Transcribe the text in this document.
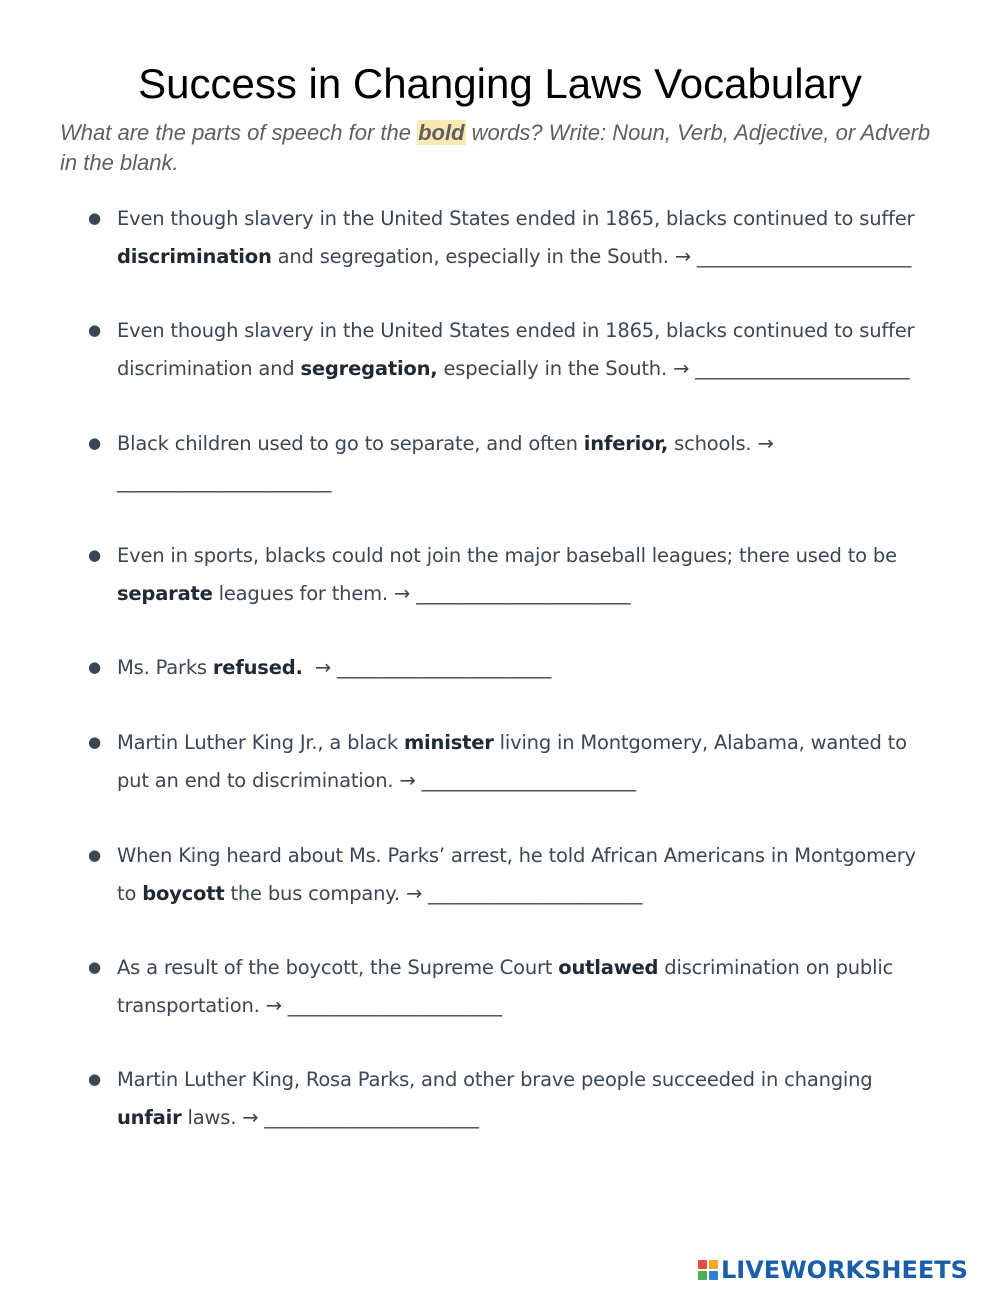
Success in Changing Laws Vocabulary
What are the parts of speech for the bold words? Write: Noun, Verb, Adjective, or Adverb in the blank.
● Even though slavery in the United States ended in 1865, blacks continued to suffer discrimination and segregation, especially in the South. → ______________________
● Even though slavery in the United States ended in 1865, blacks continued to suffer discrimination and segregation, especially in the South. → ______________________
● Black children used to go to separate, and often inferior, schools. → ______________________
● Even in sports, blacks could not join the major baseball leagues; there used to be separate leagues for them. → ______________________
● Ms. Parks refused.  → ______________________
● Martin Luther King Jr., a black minister living in Montgomery, Alabama, wanted to put an end to discrimination. → ______________________
● When King heard about Ms. Parks’ arrest, he told African Americans in Montgomery to boycott the bus company. → ______________________
● As a result of the boycott, the Supreme Court outlawed discrimination on public transportation. → ______________________
● Martin Luther King, Rosa Parks, and other brave people succeeded in changing unfair laws. → ______________________
LIVEWORKSHEETS
